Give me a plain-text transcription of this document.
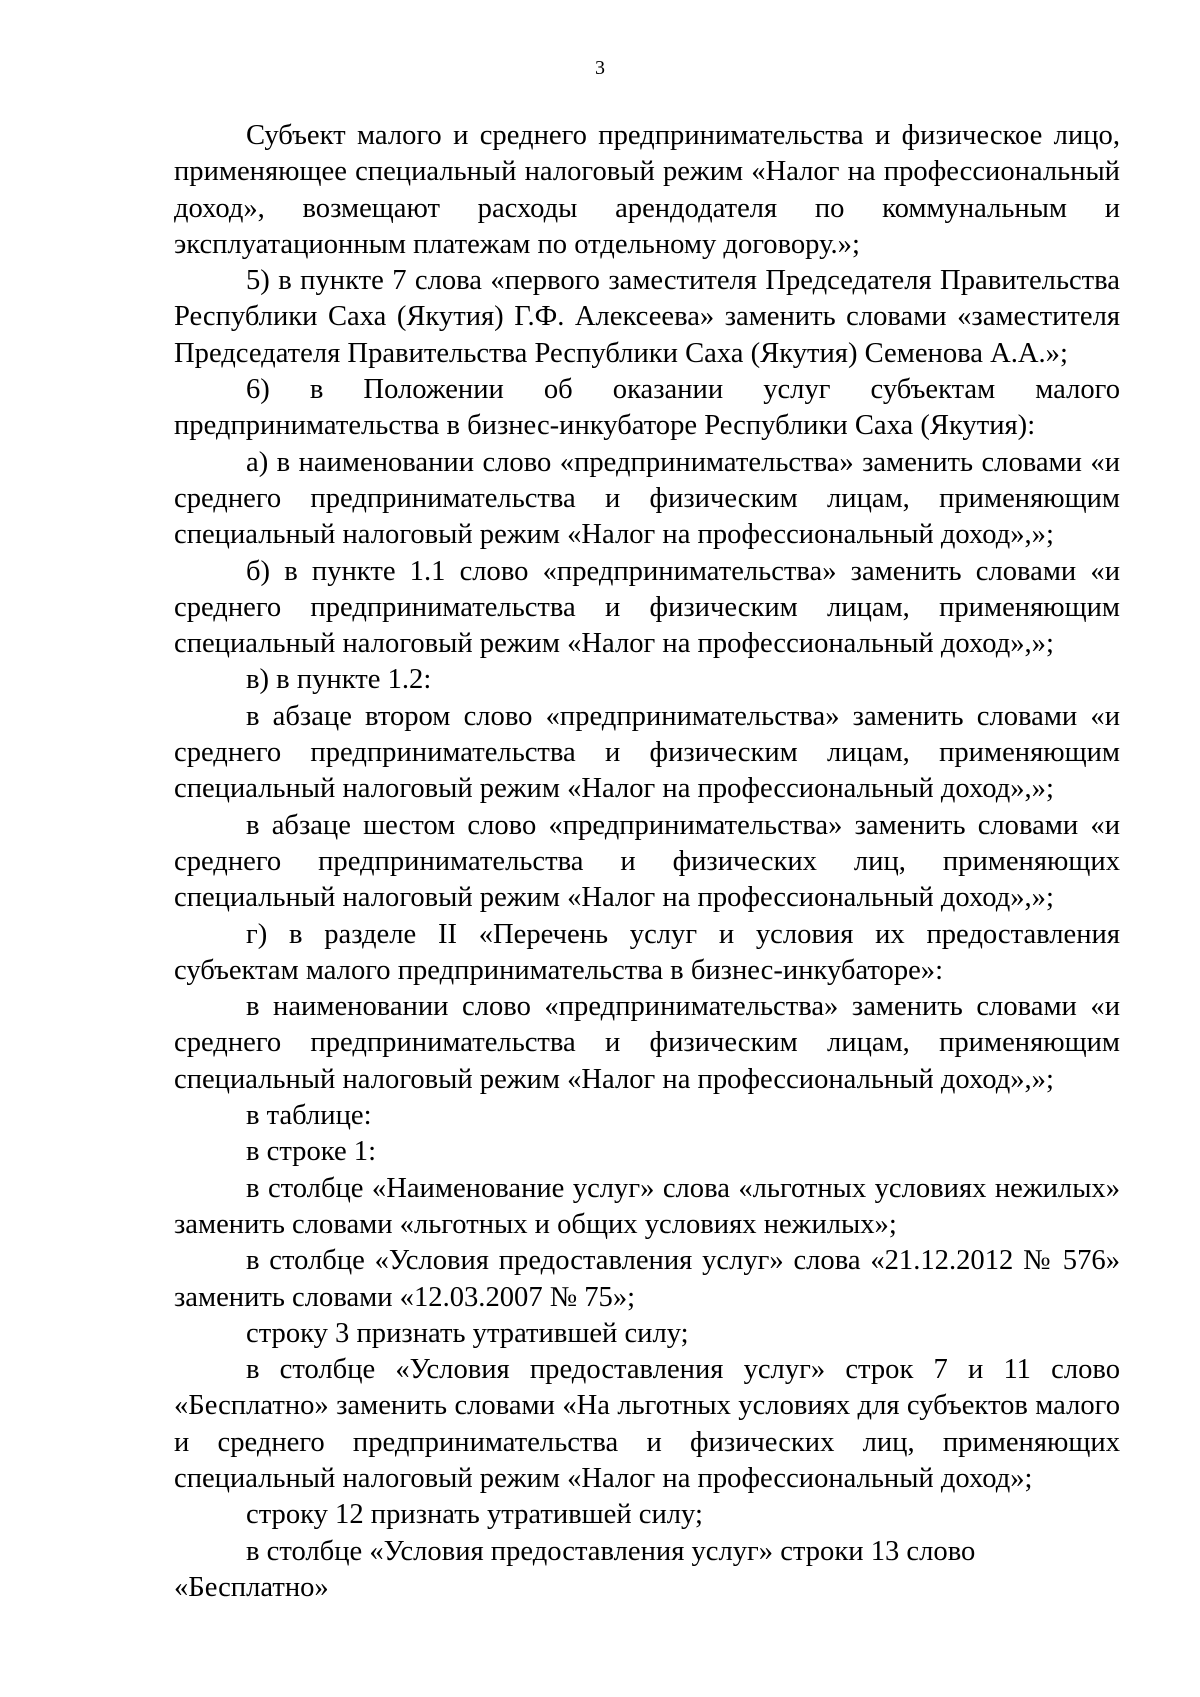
3

Субъект малого и среднего предпринимательства и физическое лицо, применяющее специальный налоговый режим «Налог на профессиональный доход», возмещают расходы арендодателя по коммунальным и эксплуатационным платежам по отдельному договору.»;

5) в пункте 7 слова «первого заместителя Председателя Правительства Республики Саха (Якутия) Г.Ф. Алексеева» заменить словами «заместителя Председателя Правительства Республики Саха (Якутия) Семенова А.А.»;

6) в Положении об оказании услуг субъектам малого предпринимательства в бизнес-инкубаторе Республики Саха (Якутия):

а) в наименовании слово «предпринимательства» заменить словами «и среднего предпринимательства и физическим лицам, применяющим специальный налоговый режим «Налог на профессиональный доход»,»;

б) в пункте 1.1 слово «предпринимательства» заменить словами «и среднего предпринимательства и физическим лицам, применяющим специальный налоговый режим «Налог на профессиональный доход»,»;

в) в пункте 1.2:

в абзаце втором слово «предпринимательства» заменить словами «и среднего предпринимательства и физическим лицам, применяющим специальный налоговый режим «Налог на профессиональный доход»,»;

в абзаце шестом слово «предпринимательства» заменить словами «и среднего предпринимательства и физических лиц, применяющих специальный налоговый режим «Налог на профессиональный доход»,»;

г) в разделе II «Перечень услуг и условия их предоставления субъектам малого предпринимательства в бизнес-инкубаторе»:

в наименовании слово «предпринимательства» заменить словами «и среднего предпринимательства и физическим лицам, применяющим специальный налоговый режим «Налог на профессиональный доход»,»;

в таблице:

в строке 1:

в столбце «Наименование услуг» слова «льготных условиях нежилых» заменить словами «льготных и общих условиях нежилых»;

в столбце «Условия предоставления услуг» слова «21.12.2012 № 576» заменить словами «12.03.2007 № 75»;

строку 3 признать утратившей силу;

в столбце «Условия предоставления услуг» строк 7 и 11 слово «Бесплатно» заменить словами «На льготных условиях для субъектов малого и среднего предпринимательства и физических лиц, применяющих специальный налоговый режим «Налог на профессиональный доход»;

строку 12 признать утратившей силу;

в столбце «Условия предоставления услуг» строки 13 слово «Бесплатно»
